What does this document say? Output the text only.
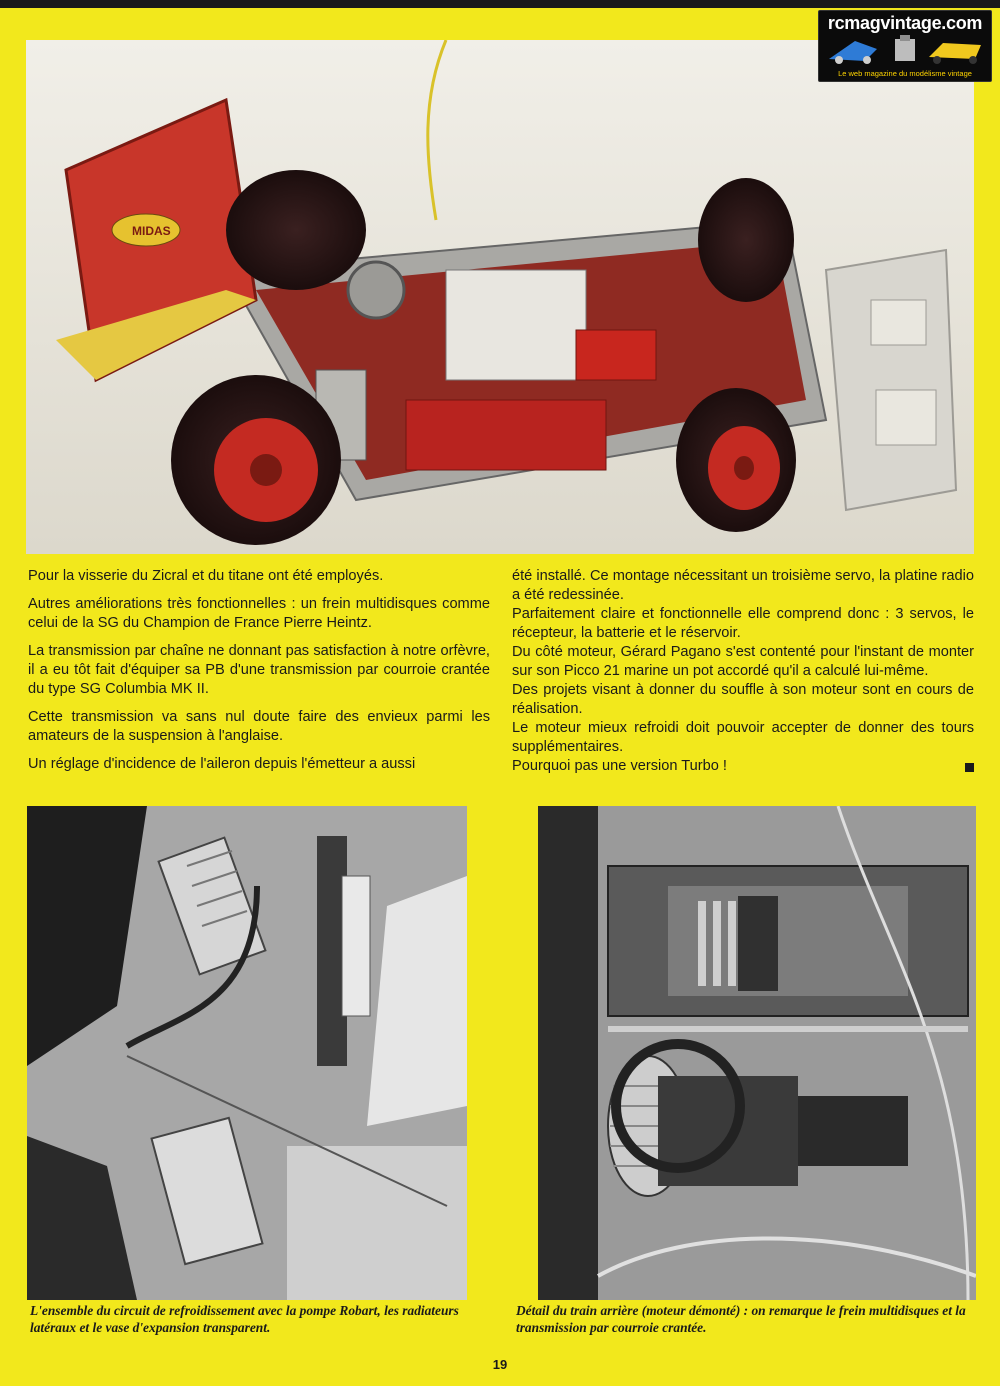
MIDAS
rcmagvintage.com
Le web magazine du modélisme vintage

Pour la visserie du Zicral et du titane ont été employés.

Autres améliorations très fonctionnelles : un frein multidisques comme celui de la SG du Champion de France Pierre Heintz.

La transmission par chaîne ne donnant pas satisfaction à notre orfèvre, il a eu tôt fait d'équiper sa PB d'une transmission par courroie crantée du type SG Columbia MK II.

Cette transmission va sans nul doute faire des envieux parmi les amateurs de la suspension à l'anglaise.

Un réglage d'incidence de l'aileron depuis l'émetteur a aussi

été installé. Ce montage nécessitant un troisième servo, la platine radio a été redessinée.

Parfaitement claire et fonctionnelle elle comprend donc : 3 servos, le récepteur, la batterie et le réservoir.

Du côté moteur, Gérard Pagano s'est contenté pour l'instant de monter sur son Picco 21 marine un pot accordé qu'il a calculé lui-même.

Des projets visant à donner du souffle à son moteur sont en cours de réalisation.

Le moteur mieux refroidi doit pouvoir accepter de donner des tours supplémentaires.

Pourquoi pas une version Turbo !

L'ensemble du circuit de refroidissement avec la pompe Robart, les radiateurs latéraux et le vase d'expansion transparent.
Détail du train arrière (moteur démonté) : on remarque le frein multidisques et la transmission par courroie crantée.
19
